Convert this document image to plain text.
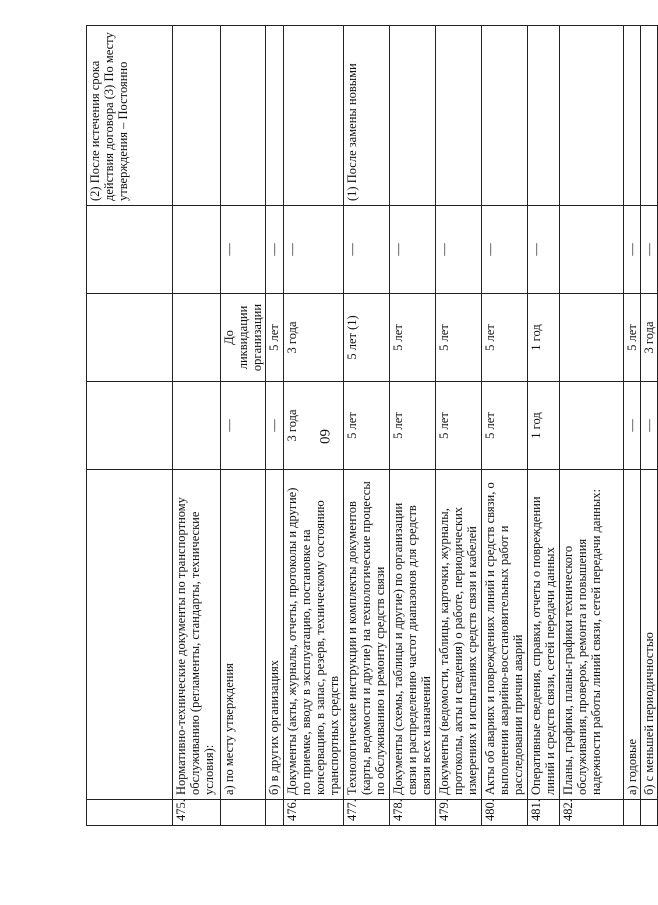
60
					(2) После истечения срока действия договора (3) По месту утверждения – Постоянно
475.	Нормативно-технические документы по транспортному обслуживанию (регламенты, стандарты, технические условия):				
	а) по месту утверждения	—	До ликвидации организации	—	
	б) в других организациях	—	5 лет	—	
476.	Документы (акты, журналы, отчеты, протоколы и другие) по приемке, вводу в эксплуатацию, постановке на консервацию, в запас, резерв, техническому состоянию транспортных средств	3 года	3 года	—	
477.	Технологические инструкции и комплекты документов (карты, ведомости и другие) на технологические процессы по обслуживанию и ремонту средств связи	5 лет	5 лет (1)	—	(1) После замены новыми
478.	Документы (схемы, таблицы и другие) по организации связи и распределению частот диапазонов для средств связи всех назначений	5 лет	5 лет	—	
479.	Документы (ведомости, таблицы, карточки, журналы, протоколы, акты и сведения) о работе, периодических измерениях и испытаниях средств связи и кабелей	5 лет	5 лет	—	
480.	Акты об авариях и повреждениях линий и средств связи, о выполнении аварийно-восстановительных работ и расследовании причин аварий	5 лет	5 лет	—	
481.	Оперативные сведения, справки, отчеты о повреждении линий и средств связи, сетей передачи данных	1 год	1 год	—	
482.	Планы, графики, планы-графики технического обслуживания, проверок, ремонта и повышения надежности работы линий связи, сетей передачи данных:				
	а) годовые	—	5 лет	—	
	б) с меньшей периодичностью	—	3 года	—	
